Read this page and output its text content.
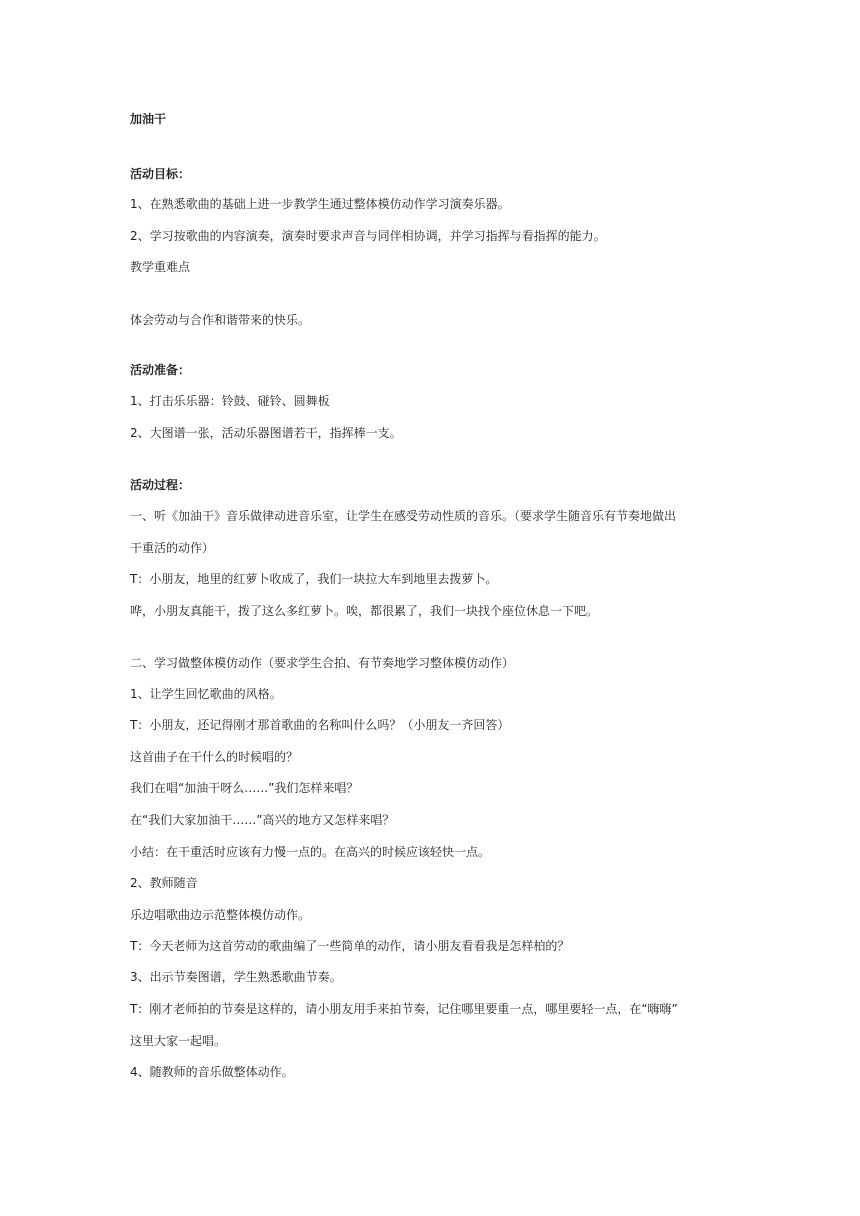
加油干
活动目标：
1、在熟悉歌曲的基础上进一步教学生通过整体模仿动作学习演奏乐器。
2、学习按歌曲的内容演奏，演奏时要求声音与同伴相协调，并学习指挥与看指挥的能力。
教学重难点
体会劳动与合作和谐带来的快乐。
活动准备：
1、打击乐乐器：铃鼓、碰铃、圆舞板
2、大图谱一张，活动乐器图谱若干，指挥棒一支。
活动过程：
一、听《加油干》音乐做律动进音乐室，让学生在感受劳动性质的音乐。（要求学生随音乐有节奏地做出
干重活的动作）
T：小朋友，地里的红萝卜收成了，我们一块拉大车到地里去拨萝卜。
哗，小朋友真能干，拨了这么多红萝卜。唉，都很累了，我们一块找个座位休息一下吧。
二、学习做整体模仿动作（要求学生合拍、有节奏地学习整体模仿动作）
1、让学生回忆歌曲的风格。
T：小朋友，还记得刚才那首歌曲的名称叫什么吗？（小朋友一齐回答）
这首曲子在干什么的时候唱的？
我们在唱“加油干呀么……”我们怎样来唱？
在“我们大家加油干……”高兴的地方又怎样来唱？
小结：在干重活时应该有力慢一点的。在高兴的时候应该轻快一点。
2、教师随音
乐边唱歌曲边示范整体模仿动作。
T：今天老师为这首劳动的歌曲编了一些简单的动作，请小朋友看看我是怎样柏的？
3、出示节奏图谱，学生熟悉歌曲节奏。
T：刚才老师拍的节奏是这样的，请小朋友用手来拍节奏，记住哪里要重一点，哪里要轻一点，在“嗨嗨”
这里大家一起唱。
4、随教师的音乐做整体动作。
